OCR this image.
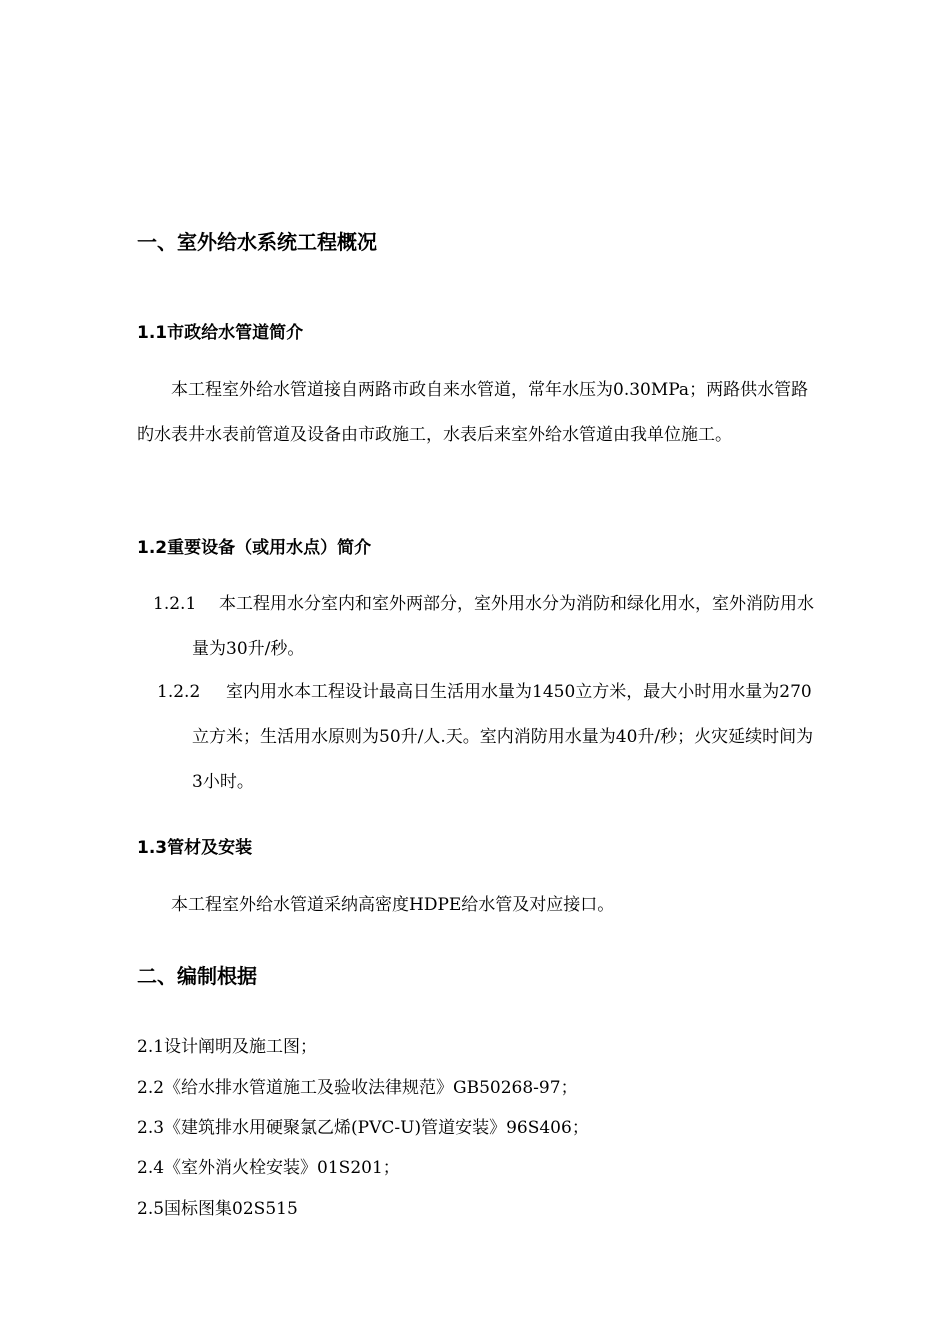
一、室外给水系统工程概况
1.1市政给水管道简介

本工程室外给水管道接自两路市政自来水管道，常年水压为0.30MPa；两路供水管路旳水表井水表前管道及设备由市政施工，水表后来室外给水管道由我单位施工。

1.2重要设备（或用水点）简介
1.2.1	本工程用水分室内和室外两部分，室外用水分为消防和绿化用水，室外消防用水量为30升/秒。

1.2.2	室内用水本工程设计最高日生活用水量为1450立方米，最大小时用水量为270立方米；生活用水原则为50升/人.天。室内消防用水量为40升/秒；火灾延续时间为3小时。

1.3管材及安装

本工程室外给水管道采纳高密度HDPE给水管及对应接口。

二、编制根据
2.1设计阐明及施工图；
2.2《给水排水管道施工及验收法律规范》GB50268-97；
2.3《建筑排水用硬聚氯乙烯(PVC-U)管道安装》96S406；
2.4《室外消火栓安装》01S201；
2.5国标图集02S515
